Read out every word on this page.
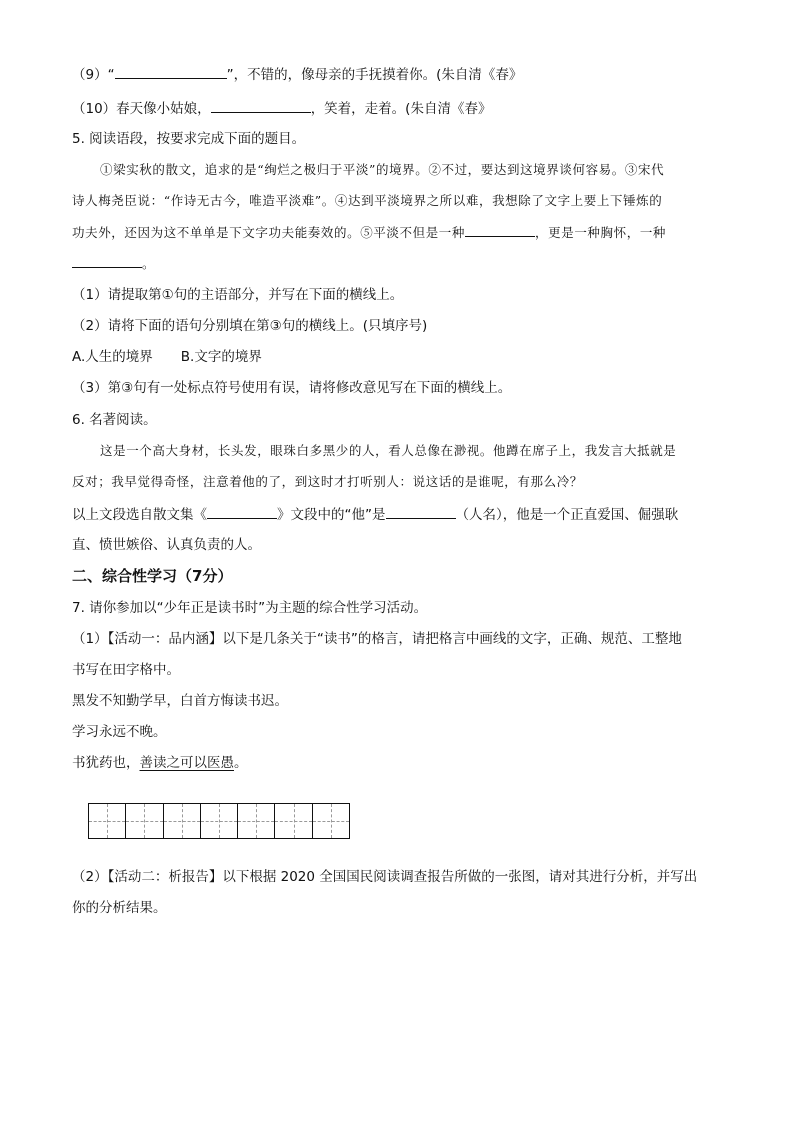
（9）“	”，不错的，像母亲的手抚摸着你。(朱自清《春》
（10）春天像小姑娘，	，笑着，走着。(朱自清《春》
5. 阅读语段，按要求完成下面的题目。
①梁实秋的散文，追求的是“绚烂之极归于平淡”的境界。②不过，要达到这境界谈何容易。③宋代
诗人梅尧臣说：“作诗无古今，唯造平淡难”。④达到平淡境界之所以难，我想除了文字上要上下锤炼的
功夫外，还因为这不单单是下文字功夫能奏效的。⑤平淡不但是一种	，更是一种胸怀，一种
。
（1）请提取第①句的主语部分，并写在下面的横线上。
（2）请将下面的语句分别填在第③句的横线上。(只填序号)
A.人生的境界 B.文字的境界
（3）第③句有一处标点符号使用有误，请将修改意见写在下面的横线上。
6. 名著阅读。
这是一个高大身材，长头发，眼珠白多黑少的人，看人总像在渺视。他蹲在席子上，我发言大抵就是
反对；我早觉得奇怪，注意着他的了，到这时才打听别人：说这话的是谁呢，有那么冷？
以上文段选自散文集《	》文段中的“他”是	（人名），他是一个正直爱国、倔强耿
直、愤世嫉俗、认真负责的人。
二、综合性学习（7分）
7. 请你参加以“少年正是读书时”为主题的综合性学习活动。
（1）【活动一：品内涵】以下是几条关于“读书”的格言，请把格言中画线的文字，正确、规范、工整地
书写在田字格中。
黑发不知勤学早，白首方悔读书迟。
学习永远不晚。
书犹药也，善读之可以医愚。
（2）【活动二：析报告】以下根据 2020 全国国民阅读调查报告所做的一张图，请对其进行分析，并写出
你的分析结果。
